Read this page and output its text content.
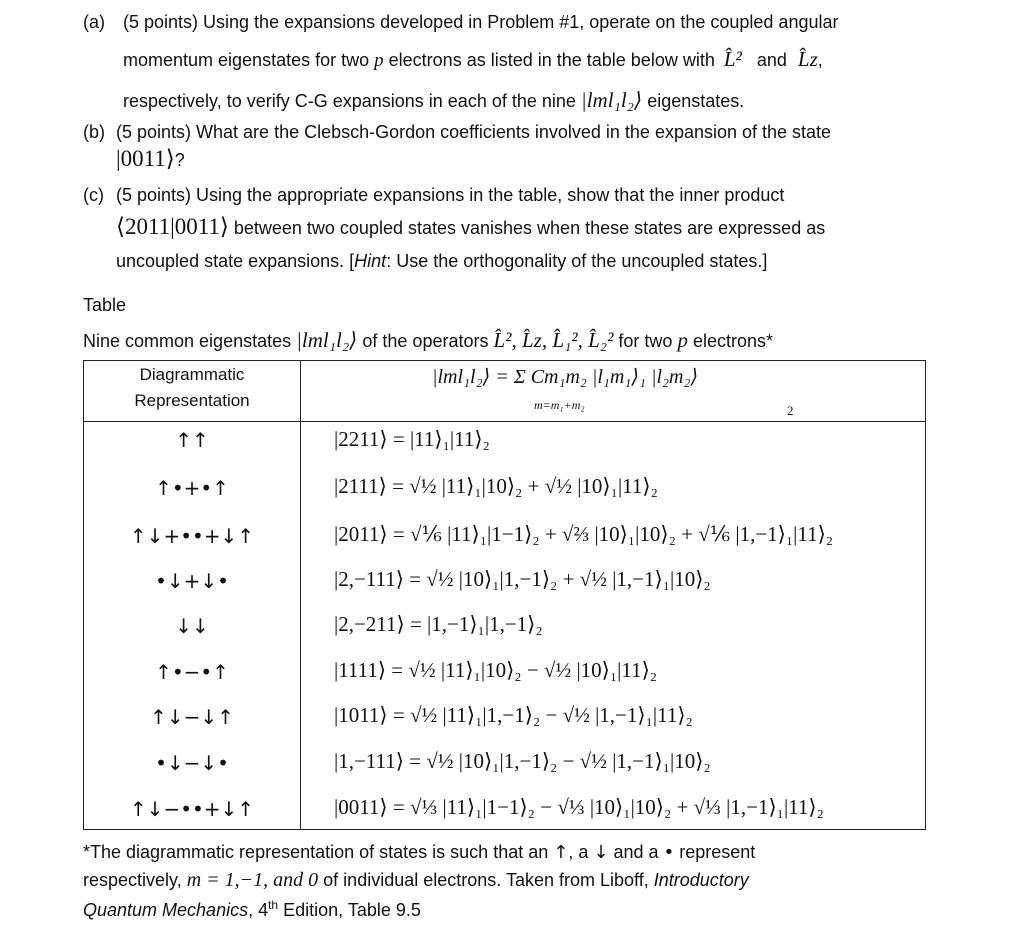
(a) (5 points) Using the expansions developed in Problem #1, operate on the coupled angular
momentum eigenstates for two p electrons as listed in the table below with L̂² and L̂z,
respectively, to verify C-G expansions in each of the nine |lml₁l₂⟩ eigenstates.
(b) (5 points) What are the Clebsch-Gordon coefficients involved in the expansion of the state
|0011⟩?
(c) (5 points) Using the appropriate expansions in the table, show that the inner product
⟨2011|0011⟩ between two coupled states vanishes when these states are expressed as
uncoupled state expansions. [Hint: Use the orthogonality of the uncoupled states.]
Table
Nine common eigenstates |lml₁l₂⟩ of the operators L̂², L̂z, L̂₁², L̂₂² for two p electrons*
Diagrammatic
Representation
|lml₁l₂⟩ = Σ Cm₁m₂ |l₁m₁⟩₁ |l₂m₂⟩
m=m₁+m₂	2
↑↑	|2211⟩ = |11⟩₁|11⟩₂
↑•+•↑	|2111⟩ = √½ |11⟩₁|10⟩₂ + √½ |10⟩₁|11⟩₂
↑↓+••+↓↑	|2011⟩ = √⅙ |11⟩₁|1−1⟩₂ + √⅔ |10⟩₁|10⟩₂ + √⅙ |1,−1⟩₁|11⟩₂
•↓+↓•	|2,−111⟩ = √½ |10⟩₁|1,−1⟩₂ + √½ |1,−1⟩₁|10⟩₂
↓↓	|2,−211⟩ = |1,−1⟩₁|1,−1⟩₂
↑•−•↑	|1111⟩ = √½ |11⟩₁|10⟩₂ − √½ |10⟩₁|11⟩₂
↑↓−↓↑	|1011⟩ = √½ |11⟩₁|1,−1⟩₂ − √½ |1,−1⟩₁|11⟩₂
•↓−↓•	|1,−111⟩ = √½ |10⟩₁|1,−1⟩₂ − √½ |1,−1⟩₁|10⟩₂
↑↓−••+↓↑	|0011⟩ = √⅓ |11⟩₁|1−1⟩₂ − √⅓ |10⟩₁|10⟩₂ + √⅓ |1,−1⟩₁|11⟩₂
*The diagrammatic representation of states is such that an ↑, a ↓ and a • represent
respectively, m = 1,−1, and 0 of individual electrons. Taken from Liboff, Introductory
Quantum Mechanics, 4th Edition, Table 9.5
